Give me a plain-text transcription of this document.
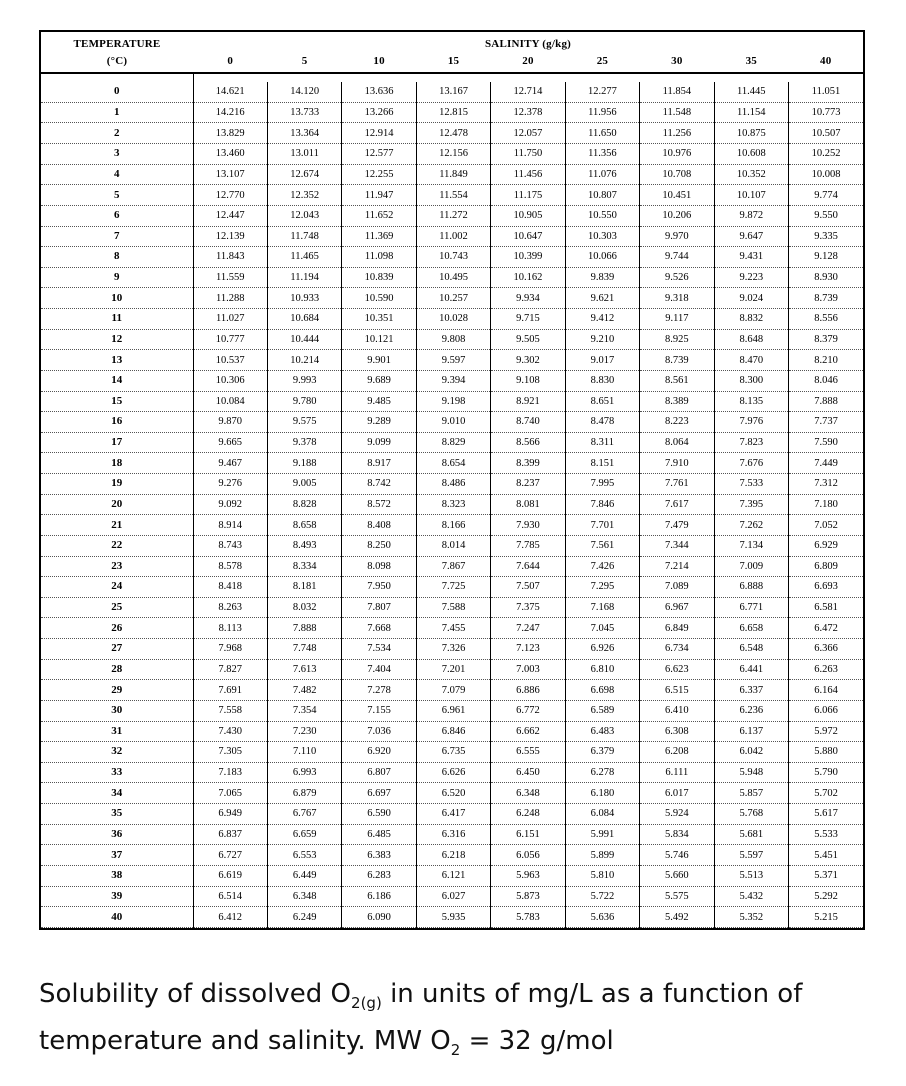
TEMPERATURE	SALINITY (g/kg)								
(°C)	0	5	10	15	20	25	30	35	40

0	14.621	14.120	13.636	13.167	12.714	12.277	11.854	11.445	11.051
1	14.216	13.733	13.266	12.815	12.378	11.956	11.548	11.154	10.773
2	13.829	13.364	12.914	12.478	12.057	11.650	11.256	10.875	10.507
3	13.460	13.011	12.577	12.156	11.750	11.356	10.976	10.608	10.252
4	13.107	12.674	12.255	11.849	11.456	11.076	10.708	10.352	10.008
5	12.770	12.352	11.947	11.554	11.175	10.807	10.451	10.107	9.774
6	12.447	12.043	11.652	11.272	10.905	10.550	10.206	9.872	9.550
7	12.139	11.748	11.369	11.002	10.647	10.303	9.970	9.647	9.335
8	11.843	11.465	11.098	10.743	10.399	10.066	9.744	9.431	9.128
9	11.559	11.194	10.839	10.495	10.162	9.839	9.526	9.223	8.930
10	11.288	10.933	10.590	10.257	9.934	9.621	9.318	9.024	8.739
11	11.027	10.684	10.351	10.028	9.715	9.412	9.117	8.832	8.556
12	10.777	10.444	10.121	9.808	9.505	9.210	8.925	8.648	8.379
13	10.537	10.214	9.901	9.597	9.302	9.017	8.739	8.470	8.210
14	10.306	9.993	9.689	9.394	9.108	8.830	8.561	8.300	8.046
15	10.084	9.780	9.485	9.198	8.921	8.651	8.389	8.135	7.888
16	9.870	9.575	9.289	9.010	8.740	8.478	8.223	7.976	7.737
17	9.665	9.378	9.099	8.829	8.566	8.311	8.064	7.823	7.590
18	9.467	9.188	8.917	8.654	8.399	8.151	7.910	7.676	7.449
19	9.276	9.005	8.742	8.486	8.237	7.995	7.761	7.533	7.312
20	9.092	8.828	8.572	8.323	8.081	7.846	7.617	7.395	7.180
21	8.914	8.658	8.408	8.166	7.930	7.701	7.479	7.262	7.052
22	8.743	8.493	8.250	8.014	7.785	7.561	7.344	7.134	6.929
23	8.578	8.334	8.098	7.867	7.644	7.426	7.214	7.009	6.809
24	8.418	8.181	7.950	7.725	7.507	7.295	7.089	6.888	6.693
25	8.263	8.032	7.807	7.588	7.375	7.168	6.967	6.771	6.581
26	8.113	7.888	7.668	7.455	7.247	7.045	6.849	6.658	6.472
27	7.968	7.748	7.534	7.326	7.123	6.926	6.734	6.548	6.366
28	7.827	7.613	7.404	7.201	7.003	6.810	6.623	6.441	6.263
29	7.691	7.482	7.278	7.079	6.886	6.698	6.515	6.337	6.164
30	7.558	7.354	7.155	6.961	6.772	6.589	6.410	6.236	6.066
31	7.430	7.230	7.036	6.846	6.662	6.483	6.308	6.137	5.972
32	7.305	7.110	6.920	6.735	6.555	6.379	6.208	6.042	5.880
33	7.183	6.993	6.807	6.626	6.450	6.278	6.111	5.948	5.790
34	7.065	6.879	6.697	6.520	6.348	6.180	6.017	5.857	5.702
35	6.949	6.767	6.590	6.417	6.248	6.084	5.924	5.768	5.617
36	6.837	6.659	6.485	6.316	6.151	5.991	5.834	5.681	5.533
37	6.727	6.553	6.383	6.218	6.056	5.899	5.746	5.597	5.451
38	6.619	6.449	6.283	6.121	5.963	5.810	5.660	5.513	5.371
39	6.514	6.348	6.186	6.027	5.873	5.722	5.575	5.432	5.292
40	6.412	6.249	6.090	5.935	5.783	5.636	5.492	5.352	5.215
Solubility of dissolved $O_{2(g)}$ in units of mg/L as a function of
temperature and salinity. MW $O_2 = 32$ g/mol
